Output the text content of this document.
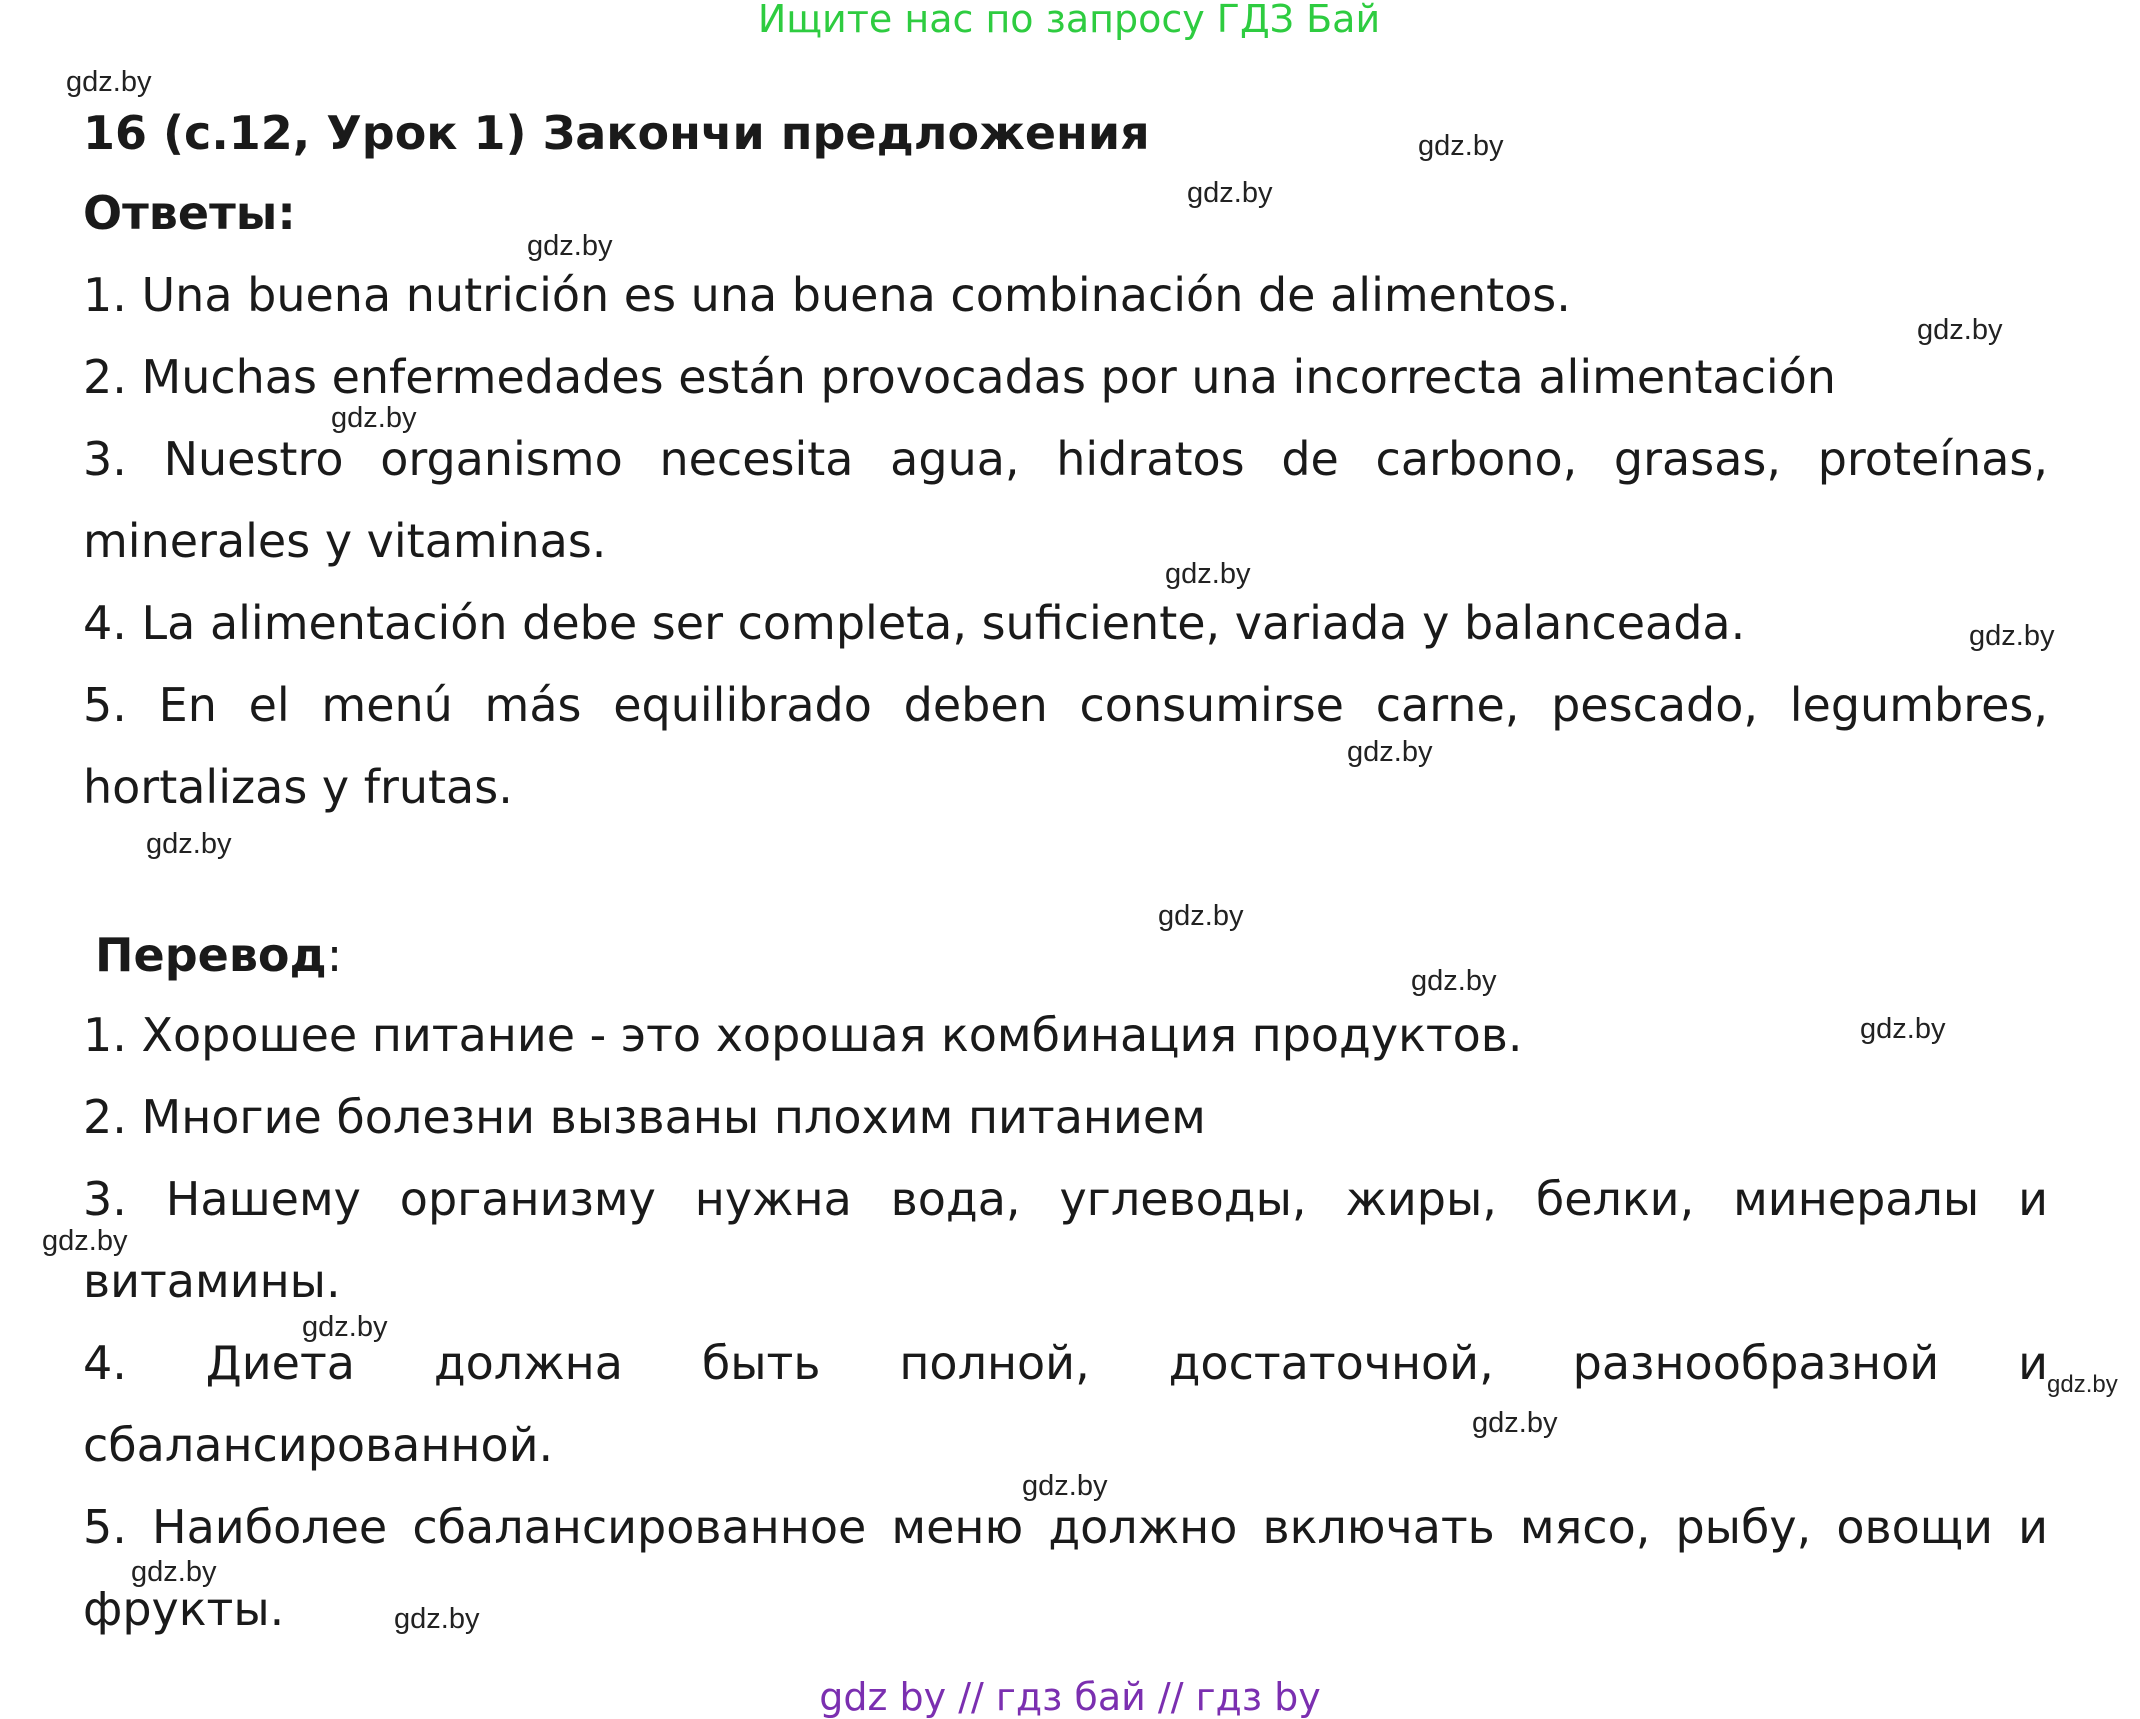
Ищите нас по запросу ГДЗ Бай
16 (с.12, Урок 1) Закончи предложения
Ответы:
1. Una buena nutrición es una buena combinación de alimentos.
2. Muchas enfermedades están provocadas por una incorrecta alimentación
3. Nuestro organismo necesita agua, hidratos de carbono, grasas, proteínas,
minerales y vitaminas.
4. La alimentación debe ser completa, suficiente, variada y balanceada.
5. En el menú más equilibrado deben consumirse carne, pescado, legumbres,
hortalizas y frutas.
Перевод:
1. Хорошее питание - это хорошая комбинация продуктов.
2. Многие болезни вызваны плохим питанием
3. Нашему организму нужна вода, углеводы, жиры, белки, минералы и
витамины.
4. Диета должна быть полной, достаточной, разнообразной и
сбалансированной.
5. Наиболее сбалансированное меню должно включать мясо, рыбу, овощи и
фрукты.
gdz.by
gdz.by
gdz.by
gdz.by
gdz.by
gdz.by
gdz.by
gdz.by
gdz.by
gdz.by
gdz.by
gdz.by
gdz.by
gdz.by
gdz.by
gdz.by
gdz.by
gdz.by
gdz.by
gdz.by
gdz by // гдз бай // гдз by
